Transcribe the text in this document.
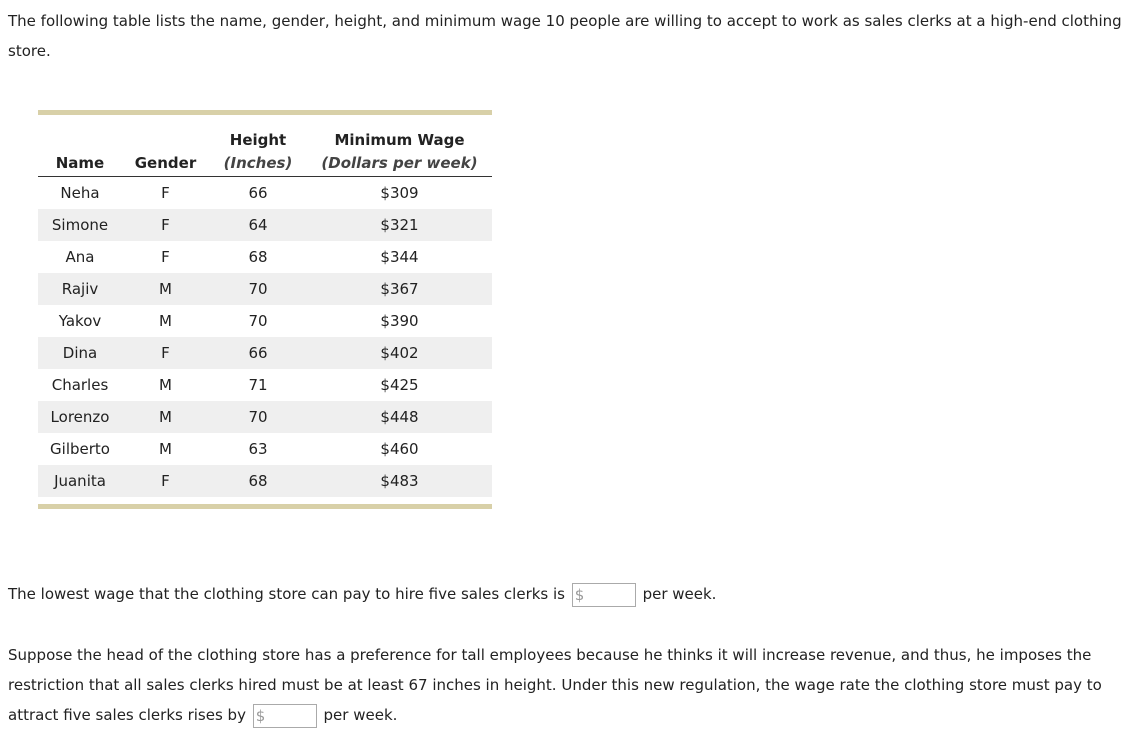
The following table lists the name, gender, height, and minimum wage 10 people are willing to accept to work as sales clerks at a high-end clothing store.

		Height	Minimum Wage
Name	Gender	(Inches)	(Dollars per week)
Neha	F	66	$309
Simone	F	64	$321
Ana	F	68	$344
Rajiv	M	70	$367
Yakov	M	70	$390
Dina	F	66	$402
Charles	M	71	$425
Lorenzo	M	70	$448
Gilberto	M	63	$460
Juanita	F	68	$483

The lowest wage that the clothing store can pay to hire five sales clerks is $	per week.

Suppose the head of the clothing store has a preference for tall employees because he thinks it will increase revenue, and thus, he imposes the restriction that all sales clerks hired must be at least 67 inches in height. Under this new regulation, the wage rate the clothing store must pay to attract five sales clerks rises by $	per week.
